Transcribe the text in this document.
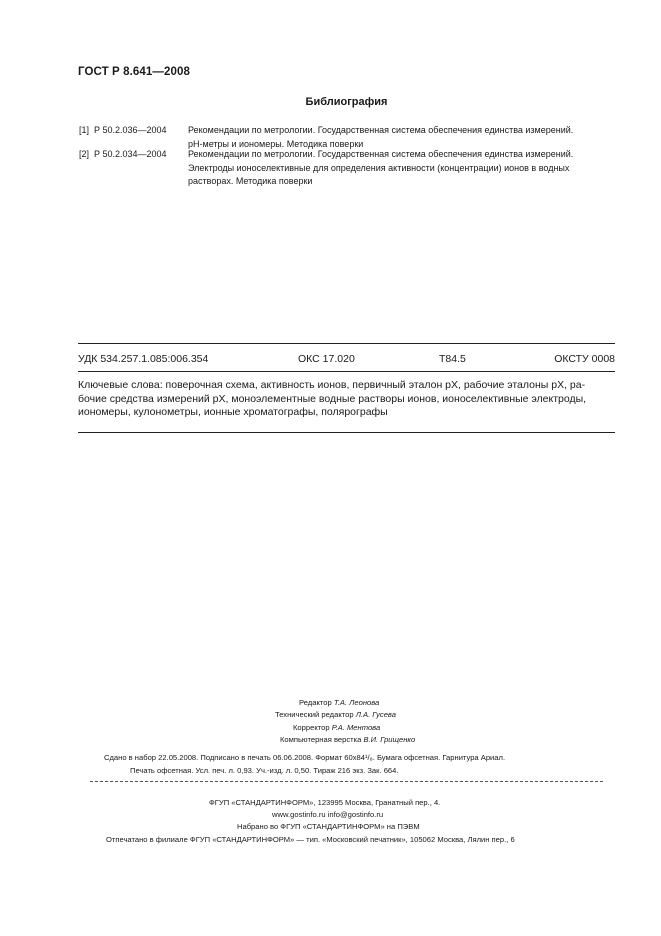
ГОСТ Р 8.641—2008
Библиография
[1] Р 50.2.036—2004 Рекомендации по метрологии. Государственная система обеспечения единства измерений.
рН-метры и иономеры. Методика поверки
[2] Р 50.2.034—2004 Рекомендации по метрологии. Государственная система обеспечения единства измерений.
Электроды ионоселективные для определения активности (концентрации) ионов в водных
растворах. Методика поверки
УДК 534.257.1.085:006.354	ОКС 17.020	Т84.5	ОКСТУ 0008
Ключевые слова: поверочная схема, активность ионов, первичный эталон pX, рабочие эталоны pX, ра-
бочие средства измерений pX, моноэлементные водные растворы ионов, ионоселективные электроды,
иономеры, кулонометры, ионные хроматографы, полярографы
Редактор Т.А. Леонова
Технический редактор Л.А. Гусева
Корректор Р.А. Ментова
Компьютерная верстка В.И. Грищенко
Сдано в набор 22.05.2008. Подписано в печать 06.06.2008. Формат 60x84¹/₈. Бумага офсетная. Гарнитура Ариал.
Печать офсетная. Усл. печ. л. 0,93. Уч.-изд. л. 0,50. Тираж 216 экз. Зак. 664.
ФГУП «СТАНДАРТИНФОРМ», 123995 Москва, Гранатный пер., 4.
www.gostinfo.ru info@gostinfo.ru
Набрано во ФГУП «СТАНДАРТИНФОРМ» на ПЭВМ
Отпечатано в филиале ФГУП «СТАНДАРТИНФОРМ» — тип. «Московский печатник», 105062 Москва, Лялин пер., 6
